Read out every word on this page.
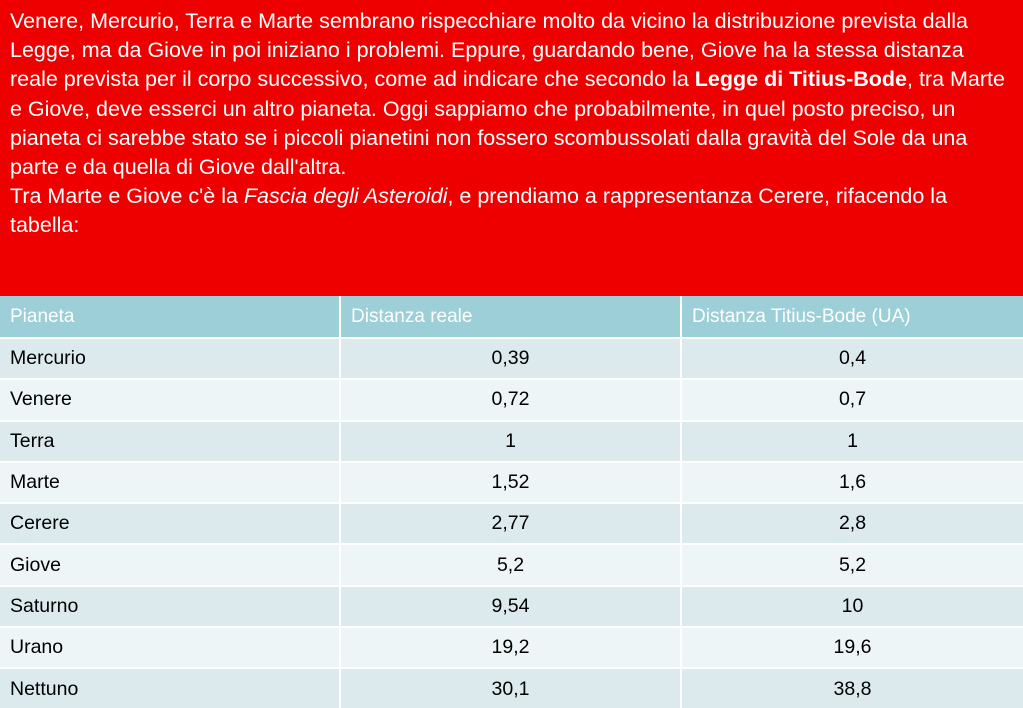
Venere, Mercurio, Terra e Marte sembrano rispecchiare molto da vicino la distribuzione prevista dalla Legge, ma da Giove in poi iniziano i problemi. Eppure, guardando bene, Giove ha la stessa distanza reale prevista per il corpo successivo, come ad indicare che secondo la Legge di Titius-Bode, tra Marte e Giove, deve esserci un altro pianeta. Oggi sappiamo che probabilmente, in quel posto preciso, un pianeta ci sarebbe stato se i piccoli pianetini non fossero scombussolati dalla gravità del Sole da una parte e da quella di Giove dall'altra.

Tra Marte e Giove c'è la Fascia degli Asteroidi, e prendiamo a rappresentanza Cerere, rifacendo la tabella:

Pianeta	Distanza reale	Distanza Titius-Bode (UA)
Mercurio	0,39	0,4
Venere	0,72	0,7
Terra	1	1
Marte	1,52	1,6
Cerere	2,77	2,8
Giove	5,2	5,2
Saturno	9,54	10
Urano	19,2	19,6
Nettuno	30,1	38,8
